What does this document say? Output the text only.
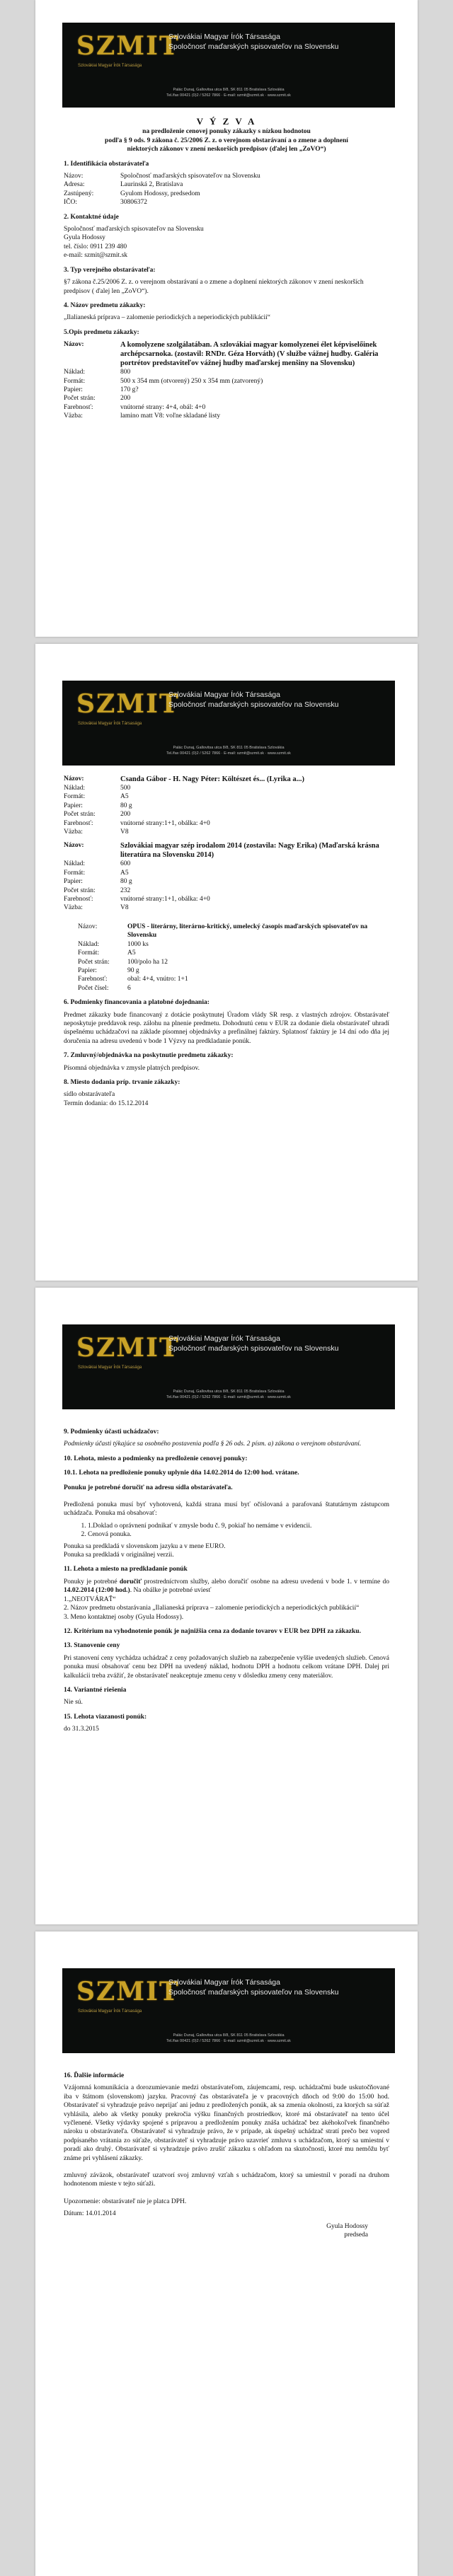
SZMIT
Szlovákiai Magyar Írók Társasága
Szlovákiai Magyar Írók Társasága
Spoločnosť maďarských spisovateľov na Slovensku
Palác Dunaj, Gallovitsa utca 8/8, SK 811 05 Bratislava Szlovákia
Tel./fax 00421 (0)2 / 5262 7866 · E-mail: szmit@szmit.sk · www.szmit.sk
V Ý Z V A
na predloženie cenovej ponuky zákazky s nízkou hodnotou
podľa § 9 ods. 9 zákona č. 25/2006 Z. z. o verejnom obstarávaní a o zmene a doplnení
niektorých zákonov v znení neskorších predpisov (ďalej len „ZoVO“)
1. Identifikácia obstarávateľa
Názov:	Spoločnosť maďarských spisovateľov na Slovensku
Adresa:	Laurinská 2, Bratislava
Zastúpený:	Gyulom Hodossy, predsedom
IČO:	30806372
2. Kontaktné údaje
Spoločnosť maďarských spisovateľov na Slovensku
Gyula Hodossy
tel. číslo: 0911 239 480
e-mail: szmit@szmit.sk
3. Typ verejného obstarávateľa:
§7 zákona č.25/2006 Z. z. o verejnom obstarávaní a o zmene a doplnení niektorých zákonov v znení neskorších predpisov ( ďalej len „ZoVO“).
4. Názov predmetu zákazky:
„Ilalianeská príprava – zalomenie periodických a neperiodických publikácií“
5.Opis predmetu zákazky:
Názov:	A komolyzene szolgálatában. A szlovákiai magyar komolyzenei élet képviselőinek archépcsarnoka. (zostavil: RNDr. Géza Horváth) (V službe vážnej hudby. Galéria portrétov predstaviteľov vážnej hudby maďarskej menšiny na Slovensku)
Náklad:	800
Formát:	500 x 354 mm (otvorený) 250 x 354 mm (zatvorený)
Papier:	170 g?
Počet strán:	200
Farebnosť:	vnútorné strany: 4+4, obál: 4+0
Väzba:	lamino matt V8: voľne skladané listy
SZMIT
Szlovákiai Magyar Írók Társasága
Szlovákiai Magyar Írók Társasága
Spoločnosť maďarských spisovateľov na Slovensku
Palác Dunaj, Gallovitsa utca 8/8, SK 811 05 Bratislava Szlovákia
Tel./fax 00421 (0)2 / 5262 7866 · E-mail: szmit@szmit.sk · www.szmit.sk
Názov:	Csanda Gábor - H. Nagy Péter: Költészet és... (Lyrika a...)
Náklad:	500
Formát:	A5
Papier:	80 g
Počet strán:	200
Farebnosť:	vnútorné strany:1+1, obálka: 4+0
Väzba:	V8
Názov:	Szlovákiai magyar szép irodalom 2014 (zostavila: Nagy Erika) (Maďarská krásna literatúra na Slovensku 2014)
Náklad:	600
Formát:	A5
Papier:	80 g
Počet strán:	232
Farebnosť:	vnútorné strany:1+1, obálka: 4+0
Väzba:	V8
Názov:	OPUS - literárny, literárno-kritický, umelecký časopis maďarských spisovateľov na Slovensku
Náklad:	1000 ks
Formát:	A5
Počet strán:	100/polo ha 12
Papier:	90 g
Farebnosť:	obal: 4+4, vnútro: 1+1
Počet čísel:	6
6. Podmienky financovania a platobné dojednania:
Predmet zákazky bude financovaný z dotácie poskytnutej Úradom vlády SR resp. z vlastných zdrojov. Obstarávateľ neposkytuje preddavok resp. zálohu na plnenie predmetu. Dohodnutú cenu v EUR za dodanie diela obstarávateľ uhradí úspešnému uchádzačovi na základe písomnej objednávky a prefinálnej faktúry. Splatnosť faktúry je 14 dní odo dňa jej doručenia na adresu uvedenú v bode 1 Výzvy na predkladanie ponúk.
7. Zmluvný/objednávka na poskytnutie predmetu zákazky:
Písomná objednávka v zmysle platných predpisov.
8. Miesto dodania príp. trvanie zákazky:
sídlo obstarávateľa
Termín dodania: do 15.12.2014
SZMIT
Szlovákiai Magyar Írók Társasága
Szlovákiai Magyar Írók Társasága
Spoločnosť maďarských spisovateľov na Slovensku
Palác Dunaj, Gallovitsa utca 8/8, SK 811 05 Bratislava Szlovákia
Tel./fax 00421 (0)2 / 5262 7866 · E-mail: szmit@szmit.sk · www.szmit.sk
9. Podmienky účasti uchádzačov:
Podmienky účasti týkajúce sa osobného postavenia podľa § 26 ods. 2 písm. a) zákona o verejnom obstarávaní.
10. Lehota, miesto a podmienky na predloženie cenovej ponuky:
10.1. Lehota na predloženie ponuky uplynie dňa 14.02.2014 do 12:00 hod. vrátane.
Ponuku je potrebné doručiť na adresu sídla obstarávateľa.
Predložená ponuka musí byť vyhotovená, každá strana musí byť očíslovaná a parafovaná štatutárnym zástupcom uchádzača. Ponuka má obsahovať:
1. 1.Doklad o oprávnení podnikať v zmysle bodu č. 9, pokiaľ ho nemáme v evidencii.
2. Cenová ponuka.
Ponuka sa predkladá v slovenskom jazyku a v mene EURO.
Ponuka sa predkladá v originálnej verzii.
11. Lehota a miesto na predkladanie ponúk
Ponuky je potrebné doručiť prostredníctvom služby, alebo doručiť osobne na adresu uvedenú v bode 1. v termíne do 14.02.2014 (12:00 hod.). Na obálke je potrebné uviesť
1.„NEOTVÁRAŤ“
2. Názov predmetu obstarávania „Ilalianeská príprava – zalomenie periodických a neperiodických publikácií“
3. Meno kontaktnej osoby (Gyula Hodossy).
12. Kritérium na vyhodnotenie ponúk je najnižšia cena za dodanie tovarov v EUR bez DPH za zákazku.
13. Stanovenie ceny
Pri stanovení ceny vychádza uchádzač z ceny požadovaných služieb na zabezpečenie vyššie uvedených služieb. Cenová ponuka musí obsahovať cenu bez DPH na uvedený náklad, hodnotu DPH a hodnotu celkom vrátane DPH. Dalej pri kalkulácii treba zvážiť, že obstarávateľ neakceptuje zmenu ceny v dôsledku zmeny ceny materiálov.
14. Variantné riešenia
Nie sú.
15. Lehota viazanosti ponúk:
do 31.3.2015
SZMIT
Szlovákiai Magyar Írók Társasága
Szlovákiai Magyar Írók Társasága
Spoločnosť maďarských spisovateľov na Slovensku
Palác Dunaj, Gallovitsa utca 8/8, SK 811 05 Bratislava Szlovákia
Tel./fax 00421 (0)2 / 5262 7866 · E-mail: szmit@szmit.sk · www.szmit.sk
16. Ďalšie informácie
Vzájomná komunikácia a dorozumievanie medzi obstarávateľom, záujemcami, resp. uchádzačmi bude uskutočňované iba v štátnom (slovenskom) jazyku. Pracovný čas obstarávateľa je v pracovných dňoch od 9:00 do 15:00 hod. Obstarávateľ si vyhradzuje právo neprijať ani jednu z predložených ponúk, ak sa zmenia okolnosti, za ktorých sa súťaž vyhlásila, alebo ak všetky ponuky prekročia výšku finančných prostriedkov, ktoré má obstarávateľ na tento účel vyčlenené. Všetky výdavky spojené s prípravou a predložením ponuky znáša uchádzač bez akéhokoľvek finančného nároku u obstarávateľa. Obstarávateľ si vyhradzuje právo, že v prípade, ak úspešný uchádzač stratí prečo bez vopred podpísaného vrátania zo súťaže, obstarávateľ si vyhradzuje právo uzavrieť zmluvu s uchádzačom, ktorý sa umiestní v poradí ako druhý. Obstarávateľ si vyhradzuje právo zrušiť zákazku s ohľadom na skutočnosti, ktoré mu nemôžu byť známe pri vyhlásení zákazky.
zmluvný záväzok, obstarávateľ uzatvorí svoj zmluvný vzťah s uchádzačom, ktorý sa umiestnil v poradí na druhom hodnotenom mieste v tejto súťaži.
Upozornenie: obstarávateľ nie je platca DPH.
Dátum: 14.01.2014
Gyula Hodossy
predseda
